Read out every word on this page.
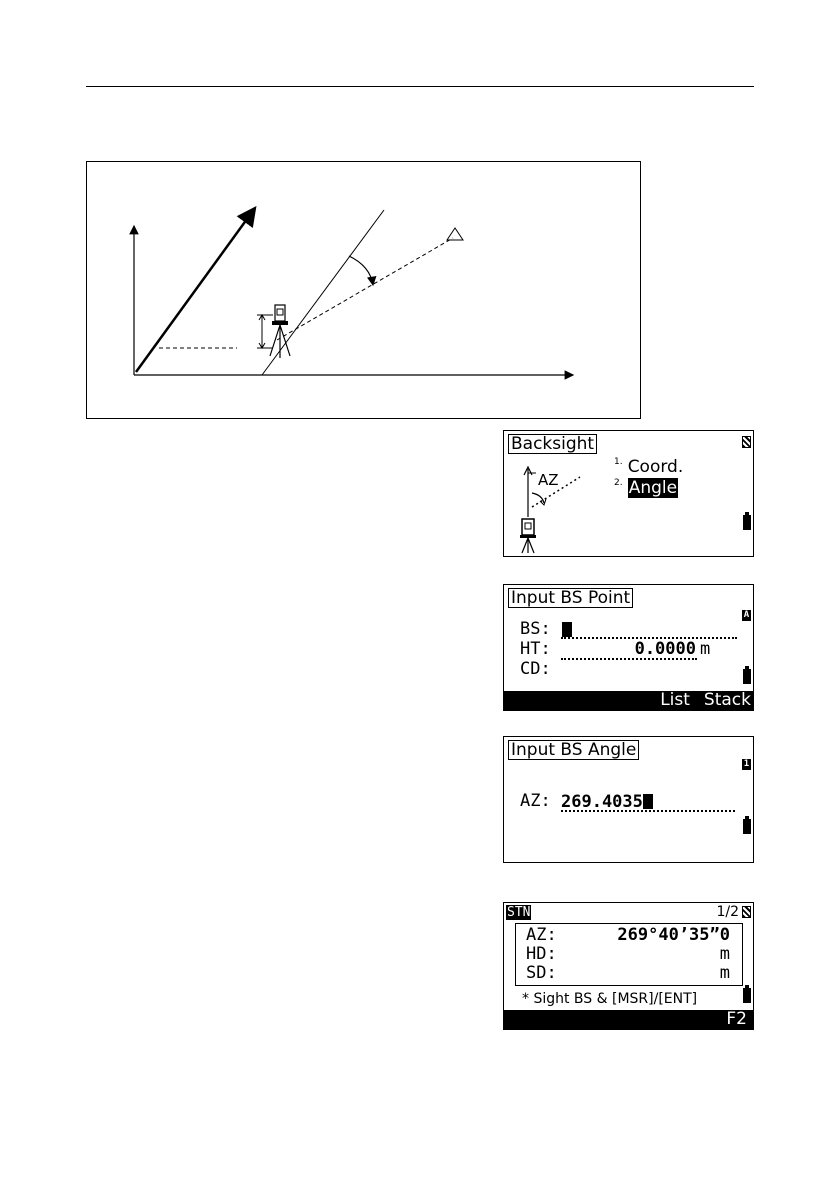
Backsight
AZ
$^{1.}$ Coord.
$^{2.}$ Angle
Input BS Point
A
BS:
HT:	0.0000 m
CD:
List Stack
Input BS Angle
1
AZ: 269.4035
STN	1/2
AZ:	269°40’35”0
HD:	m
SD:	m
* Sight BS & [MSR]/[ENT]
F2
